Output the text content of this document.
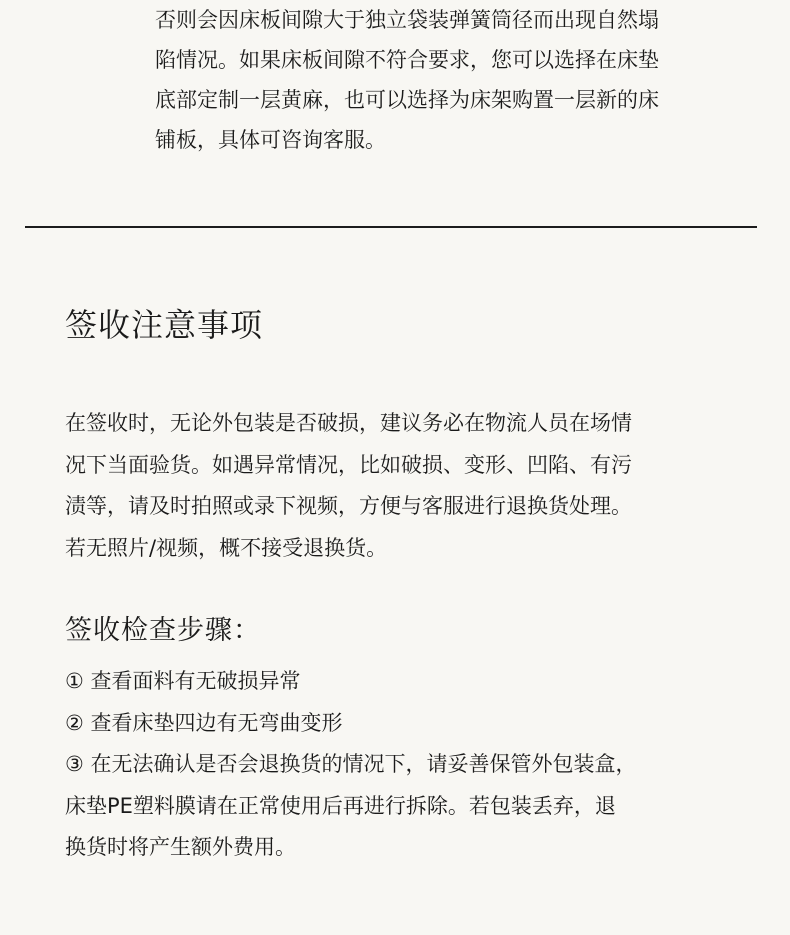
否则会因床板间隙大于独立袋装弹簧筒径而出现自然塌
陷情况。如果床板间隙不符合要求，您可以选择在床垫
底部定制一层黄麻，也可以选择为床架购置一层新的床
铺板，具体可咨询客服。
签收注意事项
在签收时，无论外包装是否破损，建议务必在物流人员在场情
况下当面验货。如遇异常情况，比如破损、变形、凹陷、有污
渍等，请及时拍照或录下视频，方便与客服进行退换货处理。
若无照片/视频，概不接受退换货。
签收检查步骤：
① 查看面料有无破损异常
② 查看床垫四边有无弯曲变形
③ 在无法确认是否会退换货的情况下，请妥善保管外包装盒，
床垫PE塑料膜请在正常使用后再进行拆除。若包装丢弃，退
换货时将产生额外费用。
